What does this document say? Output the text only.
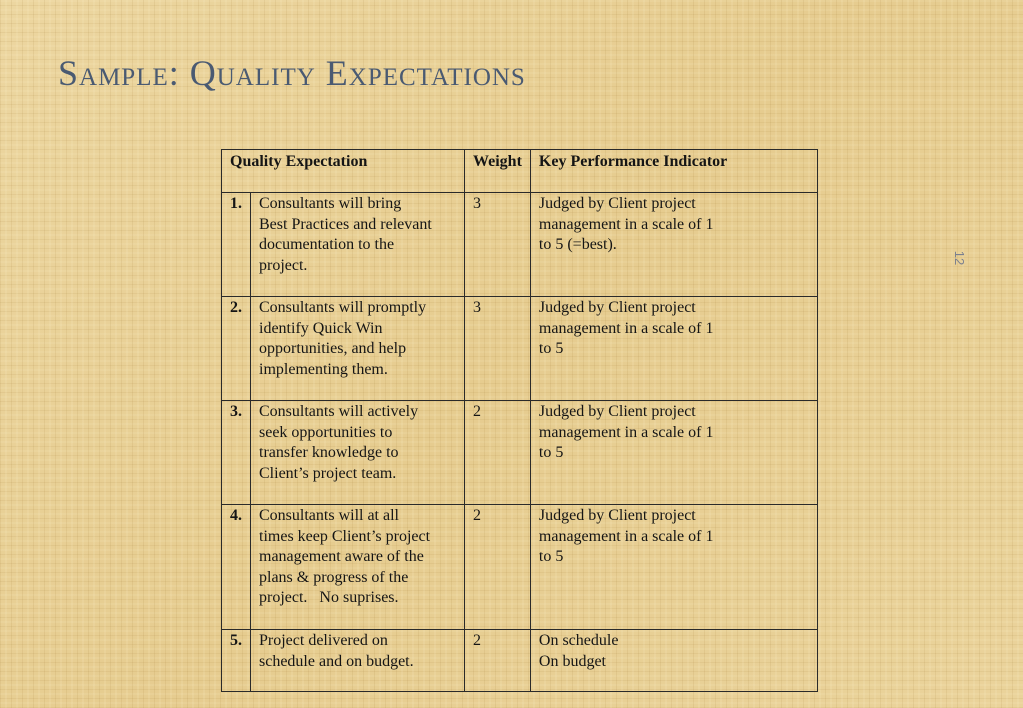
Sample: Quality Expectations
12
Quality Expectation		Weight	Key Performance Indicator
1.	Consultants will bring
Best Practices and relevant
documentation to the
project.	3	Judged by Client project
management in a scale of 1
to 5 (=best).

2.	Consultants will promptly
identify Quick Win
opportunities, and help
implementing them.	3	Judged by Client project
management in a scale of 1
to 5

3.	Consultants will actively
seek opportunities to
transfer knowledge to
Client’s project team.	2	Judged by Client project
management in a scale of 1
to 5

4.	Consultants will at all
times keep Client’s project
management aware of the
plans & progress of the
project.   No suprises.	2	Judged by Client project
management in a scale of 1
to 5

5.	Project delivered on
schedule and on budget.	2	On schedule
On budget
